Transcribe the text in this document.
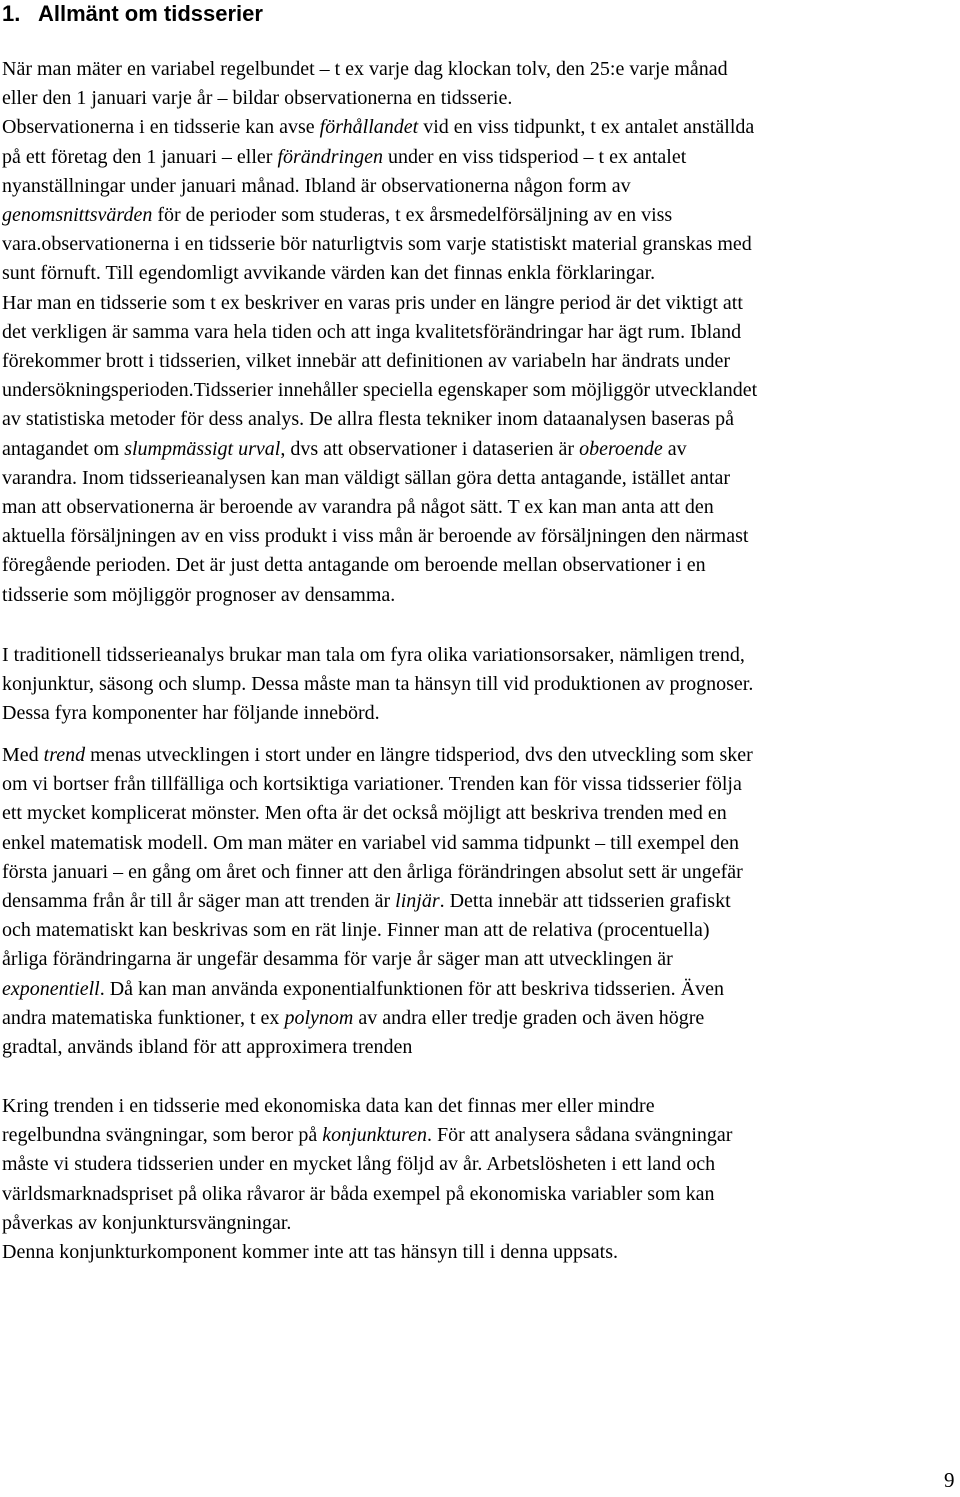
1. Allmänt om tidsserier
När man mäter en variabel regelbundet – t ex varje dag klockan tolv, den 25:e varje månad
eller den 1 januari varje år – bildar observationerna en tidsserie.
Observationerna i en tidsserie kan avse förhållandet vid en viss tidpunkt, t ex antalet anställda
på ett företag den 1 januari – eller förändringen under en viss tidsperiod – t ex antalet
nyanställningar under januari månad. Ibland är observationerna någon form av
genomsnittsvärden för de perioder som studeras, t ex årsmedelförsäljning av en viss
vara.observationerna i en tidsserie bör naturligtvis som varje statistiskt material granskas med
sunt förnuft. Till egendomligt avvikande värden kan det finnas enkla förklaringar.
Har man en tidsserie som t ex beskriver en varas pris under en längre period är det viktigt att
det verkligen är samma vara hela tiden och att inga kvalitetsförändringar har ägt rum. Ibland
förekommer brott i tidsserien, vilket innebär att definitionen av variabeln har ändrats under
undersökningsperioden.Tidsserier innehåller speciella egenskaper som möjliggör utvecklandet
av statistiska metoder för dess analys. De allra flesta tekniker inom dataanalysen baseras på
antagandet om slumpmässigt urval, dvs att observationer i dataserien är oberoende av
varandra. Inom tidsserieanalysen kan man väldigt sällan göra detta antagande, istället antar
man att observationerna är beroende av varandra på något sätt. T ex kan man anta att den
aktuella försäljningen av en viss produkt i viss mån är beroende av försäljningen den närmast
föregående perioden. Det är just detta antagande om beroende mellan observationer i en
tidsserie som möjliggör prognoser av densamma.
I traditionell tidsserieanalys brukar man tala om fyra olika variationsorsaker, nämligen trend,
konjunktur, säsong och slump. Dessa måste man ta hänsyn till vid produktionen av prognoser.
Dessa fyra komponenter har följande innebörd.
Med trend menas utvecklingen i stort under en längre tidsperiod, dvs den utveckling som sker
om vi bortser från tillfälliga och kortsiktiga variationer. Trenden kan för vissa tidsserier följa
ett mycket komplicerat mönster. Men ofta är det också möjligt att beskriva trenden med en
enkel matematisk modell. Om man mäter en variabel vid samma tidpunkt – till exempel den
första januari – en gång om året och finner att den årliga förändringen absolut sett är ungefär
densamma från år till år säger man att trenden är linjär. Detta innebär att tidsserien grafiskt
och matematiskt kan beskrivas som en rät linje. Finner man att de relativa (procentuella)
årliga förändringarna är ungefär desamma för varje år säger man att utvecklingen är
exponentiell. Då kan man använda exponentialfunktionen för att beskriva tidsserien. Även
andra matematiska funktioner, t ex polynom av andra eller tredje graden och även högre
gradtal, används ibland för att approximera trenden
Kring trenden i en tidsserie med ekonomiska data kan det finnas mer eller mindre
regelbundna svängningar, som beror på konjunkturen. För att analysera sådana svängningar
måste vi studera tidsserien under en mycket lång följd av år. Arbetslösheten i ett land och
världsmarknadspriset på olika råvaror är båda exempel på ekonomiska variabler som kan
påverkas av konjunktursvängningar.
Denna konjunkturkomponent kommer inte att tas hänsyn till i denna uppsats.
9
